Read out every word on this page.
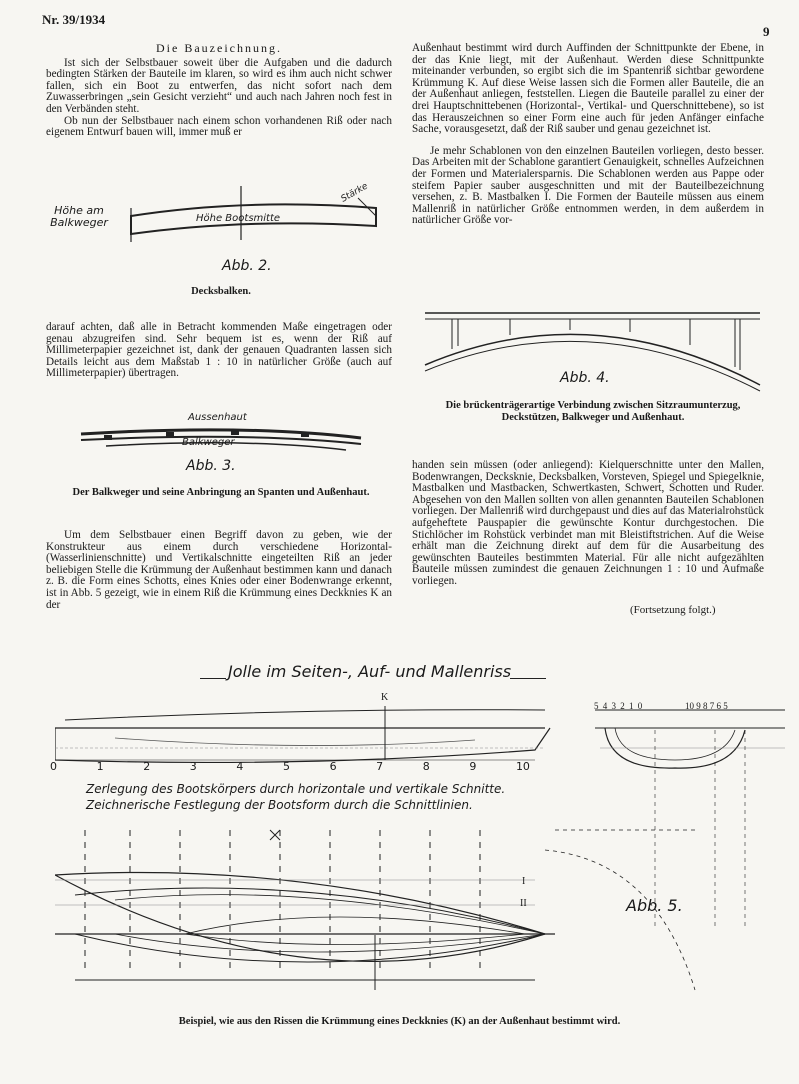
Nr. 39/1934
9
Die Bauzeichnung.

Ist sich der Selbstbauer soweit über die Aufgaben und die dadurch bedingten Stärken der Bauteile im klaren, so wird es ihm auch nicht schwer fallen, sich ein Boot zu entwerfen, das nicht sofort nach dem Zuwasserbringen „sein Gesicht verzieht“ und auch nach Jahren noch fest in den Verbänden steht.

Ob nun der Selbstbauer nach einem schon vorhandenen Riß oder nach eigenem Entwurf bauen will, immer muß er

Höhe am Balkweger	Höhe Bootsmitte
Stärke
Abb. 2.
Decksbalken.

darauf achten, daß alle in Betracht kommenden Maße eingetragen oder genau abzugreifen sind. Sehr bequem ist es, wenn der Riß auf Millimeterpapier gezeichnet ist, dank der genauen Quadranten lassen sich Details leicht aus dem Maßstab 1 : 10 in natürlicher Größe (auch auf Millimeterpapier) übertragen.

Aussenhaut
Balkweger
Abb. 3.
Der Balkweger und seine Anbringung an Spanten und Außenhaut.

Um dem Selbstbauer einen Begriff davon zu geben, wie der Konstrukteur aus einem durch verschiedene Horizontal- (Wasserlinienschnitte) und Vertikalschnitte eingeteilten Riß an jeder beliebigen Stelle die Krümmung der Außenhaut bestimmen kann und danach z. B. die Form eines Schotts, eines Knies oder einer Bodenwrange erkennt, ist in Abb. 5 gezeigt, wie in einem Riß die Krümmung eines Deckknies K an der

Außenhaut bestimmt wird durch Auffinden der Schnittpunkte der Ebene, in der das Knie liegt, mit der Außenhaut. Werden diese Schnittpunkte miteinander verbunden, so ergibt sich die im Spantenriß sichtbar gewordene Krümmung K. Auf diese Weise lassen sich die Formen aller Bauteile, die an der Außenhaut anliegen, feststellen. Liegen die Bauteile parallel zu einer der drei Hauptschnittebenen (Horizontal-, Vertikal- und Querschnittebene), so ist das Herauszeichnen so einer Form eine auch für jeden Anfänger einfache Sache, vorausgesetzt, daß der Riß sauber und genau gezeichnet ist.

Je mehr Schablonen von den einzelnen Bauteilen vorliegen, desto besser. Das Arbeiten mit der Schablone garantiert Genauigkeit, schnelles Aufzeichnen der Formen und Materialersparnis. Die Schablonen werden aus Pappe oder steifem Papier sauber ausgeschnitten und mit der Bauteilbezeichnung versehen, z. B. Mastbalken I. Die Formen der Bauteile müssen aus einem Mallenriß in natürlicher Größe entnommen werden, in dem außerdem in natürlicher Größe vor-

Abb. 4.
Die brückenträgerartige Verbindung zwischen Sitzraumunterzug, Deckstützen, Balkweger und Außenhaut.

handen sein müssen (oder anliegend): Kielquerschnitte unter den Mallen, Bodenwrangen, Decksknie, Decksbalken, Vorsteven, Spiegel und Spiegelknie, Mastbalken und Mastbacken, Schwertkasten, Schwert, Schotten und Ruder. Abgesehen von den Mallen sollten von allen genannten Bauteilen Schablonen vorliegen. Der Mallenriß wird durchgepaust und dies auf das Materialrohstück aufgeheftete Pauspapier die gewünschte Kontur durchgestochen. Die Stichlöcher im Rohstück verbindet man mit Bleistiftstrichen. Auf die Weise erhält man die Zeichnung direkt auf dem für die Ausarbeitung des gewünschten Bauteiles bestimmten Material. Für alle nicht aufgezählten Bauteile müssen zumindest die genauen Zeichnungen 1 : 10 und Aufmaße vorliegen.

(Fortsetzung folgt.)
Jolle im Seiten-, Auf- und Mallenriss
K
5 4 3 2 1 0	10 9 8 7 6 5
0	1	2	3	4	5	6	7	8	9	10
Zerlegung des Bootskörpers durch horizontale und vertikale Schnitte.
Zeichnerische Festlegung der Bootsform durch die Schnittlinien.
I
II	Abb. 5.
Beispiel, wie aus den Rissen die Krümmung eines Deckknies (K) an der Außenhaut bestimmt wird.
